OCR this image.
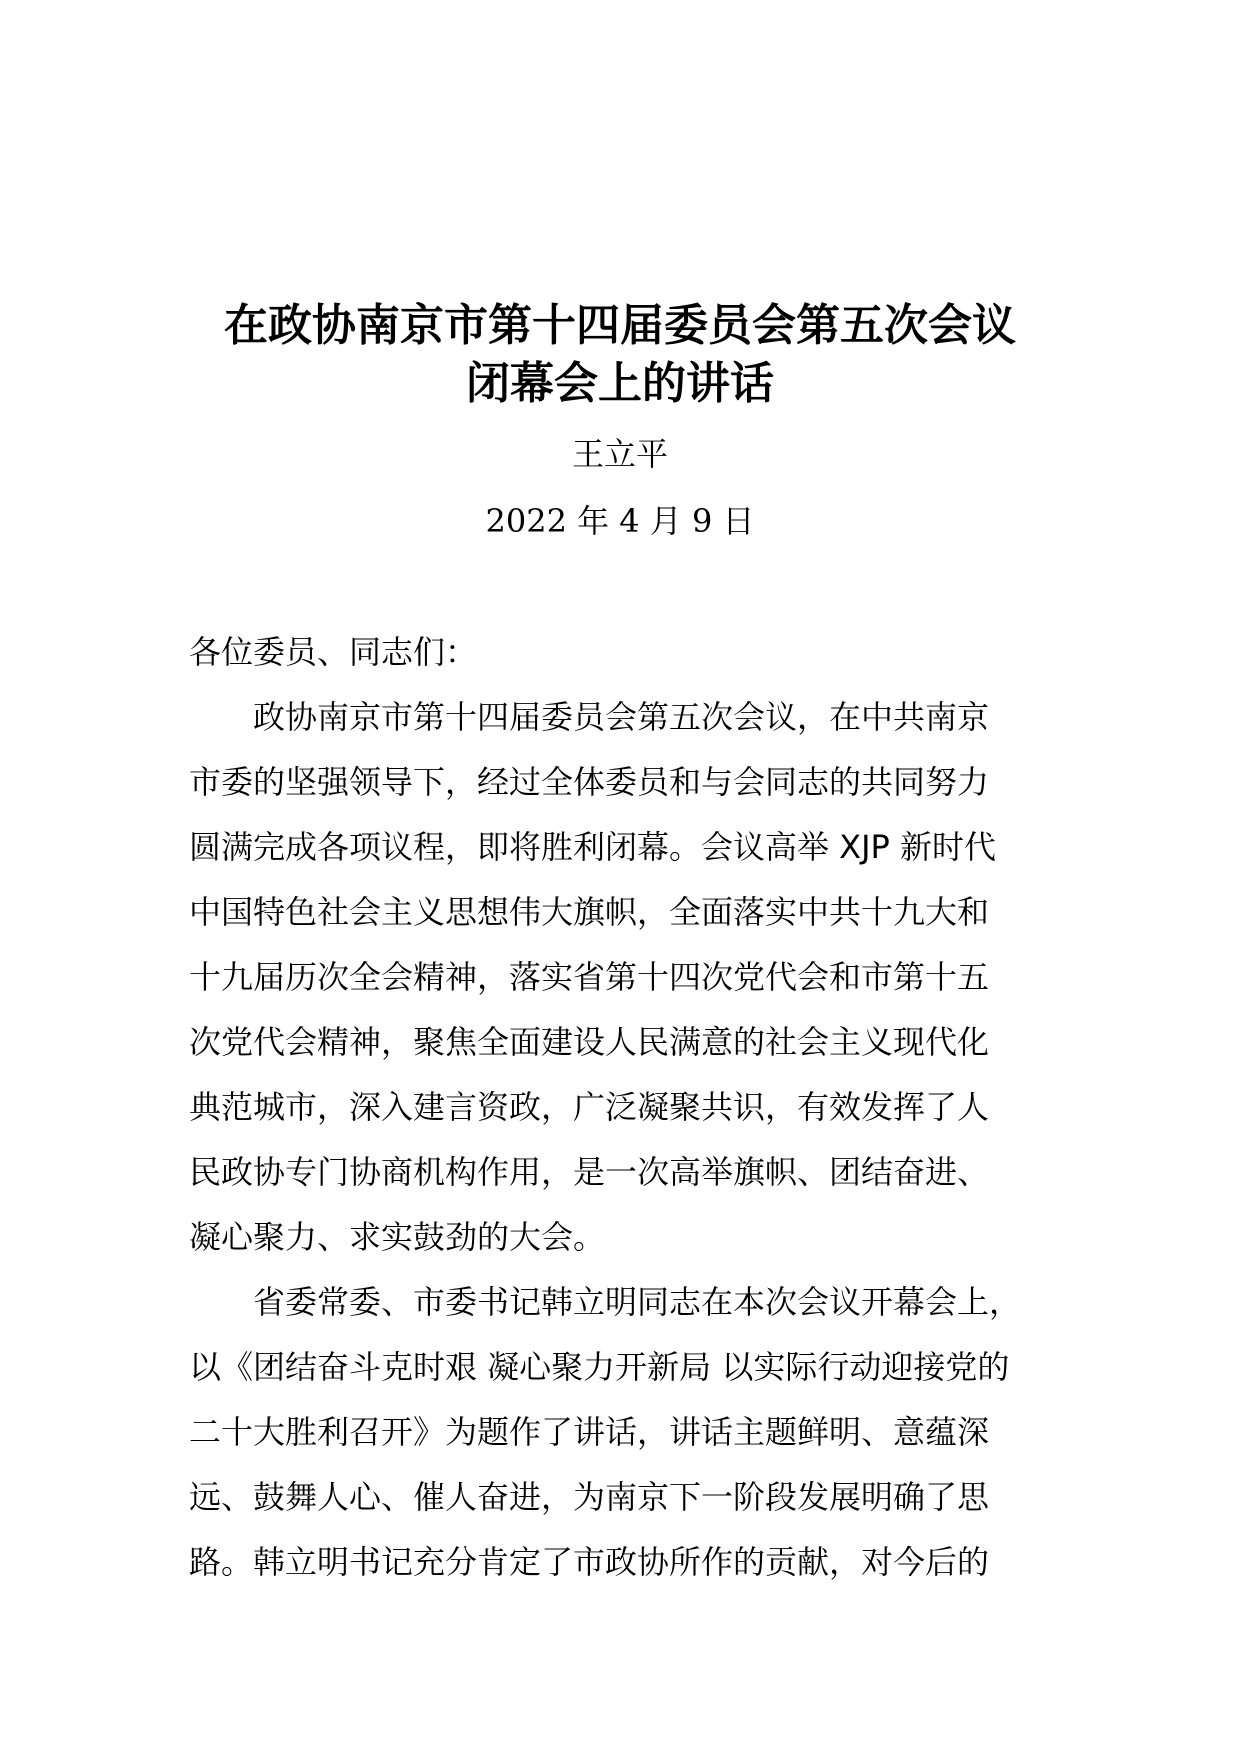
在政协南京市第十四届委员会第五次会议
闭幕会上的讲话
王立平
2022 年 4 月 9 日

各位委员、同志们：

政协南京市第十四届委员会第五次会议，在中共南京
市委的坚强领导下，经过全体委员和与会同志的共同努力
圆满完成各项议程，即将胜利闭幕。会议高举 XJP 新时代
中国特色社会主义思想伟大旗帜，全面落实中共十九大和
十九届历次全会精神，落实省第十四次党代会和市第十五
次党代会精神，聚焦全面建设人民满意的社会主义现代化
典范城市，深入建言资政，广泛凝聚共识，有效发挥了人
民政协专门协商机构作用，是一次高举旗帜、团结奋进、
凝心聚力、求实鼓劲的大会。

省委常委、市委书记韩立明同志在本次会议开幕会上，
以《团结奋斗克时艰 凝心聚力开新局 以实际行动迎接党的
二十大胜利召开》为题作了讲话，讲话主题鲜明、意蕴深
远、鼓舞人心、催人奋进，为南京下一阶段发展明确了思
路。韩立明书记充分肯定了市政协所作的贡献，对今后的
